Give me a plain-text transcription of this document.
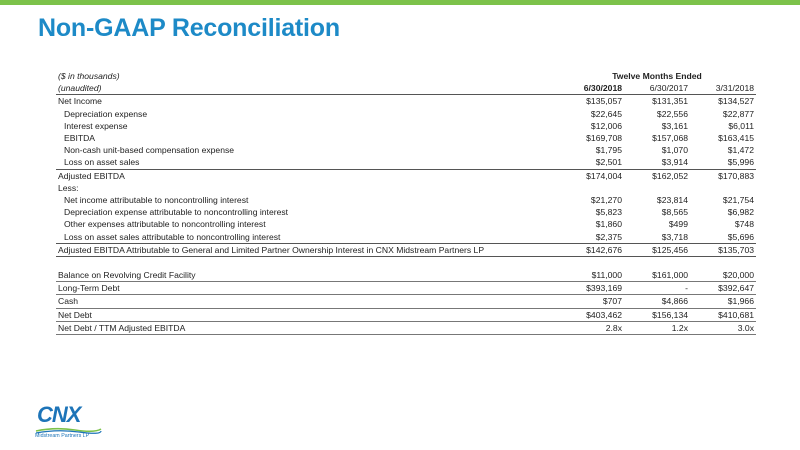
Non-GAAP Reconciliation
($ in thousands)	Twelve Months Ended		
(unaudited)	6/30/2018	6/30/2017	3/31/2018
Net Income	$135,057	$131,351	$134,527
Depreciation expense	$22,645	$22,556	$22,877
Interest expense	$12,006	$3,161	$6,011
EBITDA	$169,708	$157,068	$163,415
Non-cash unit-based compensation expense	$1,795	$1,070	$1,472
Loss on asset sales	$2,501	$3,914	$5,996
Adjusted EBITDA	$174,004	$162,052	$170,883
Less:			
Net income attributable to noncontrolling interest	$21,270	$23,814	$21,754
Depreciation expense attributable to noncontrolling interest	$5,823	$8,565	$6,982
Other expenses attributable to noncontrolling interest	$1,860	$499	$748
Loss on asset sales attributable to noncontrolling interest	$2,375	$3,718	$5,696
Adjusted EBITDA Attributable to General and Limited Partner Ownership Interest in CNX Midstream Partners LP	$142,676	$125,456	$135,703

Balance on Revolving Credit Facility	$11,000	$161,000	$20,000
Long-Term Debt	$393,169	-	$392,647
Cash	$707	$4,866	$1,966
Net Debt	$403,462	$156,134	$410,681
Net Debt / TTM Adjusted EBITDA	2.8x	1.2x	3.0x
CNX
Midstream Partners LP
